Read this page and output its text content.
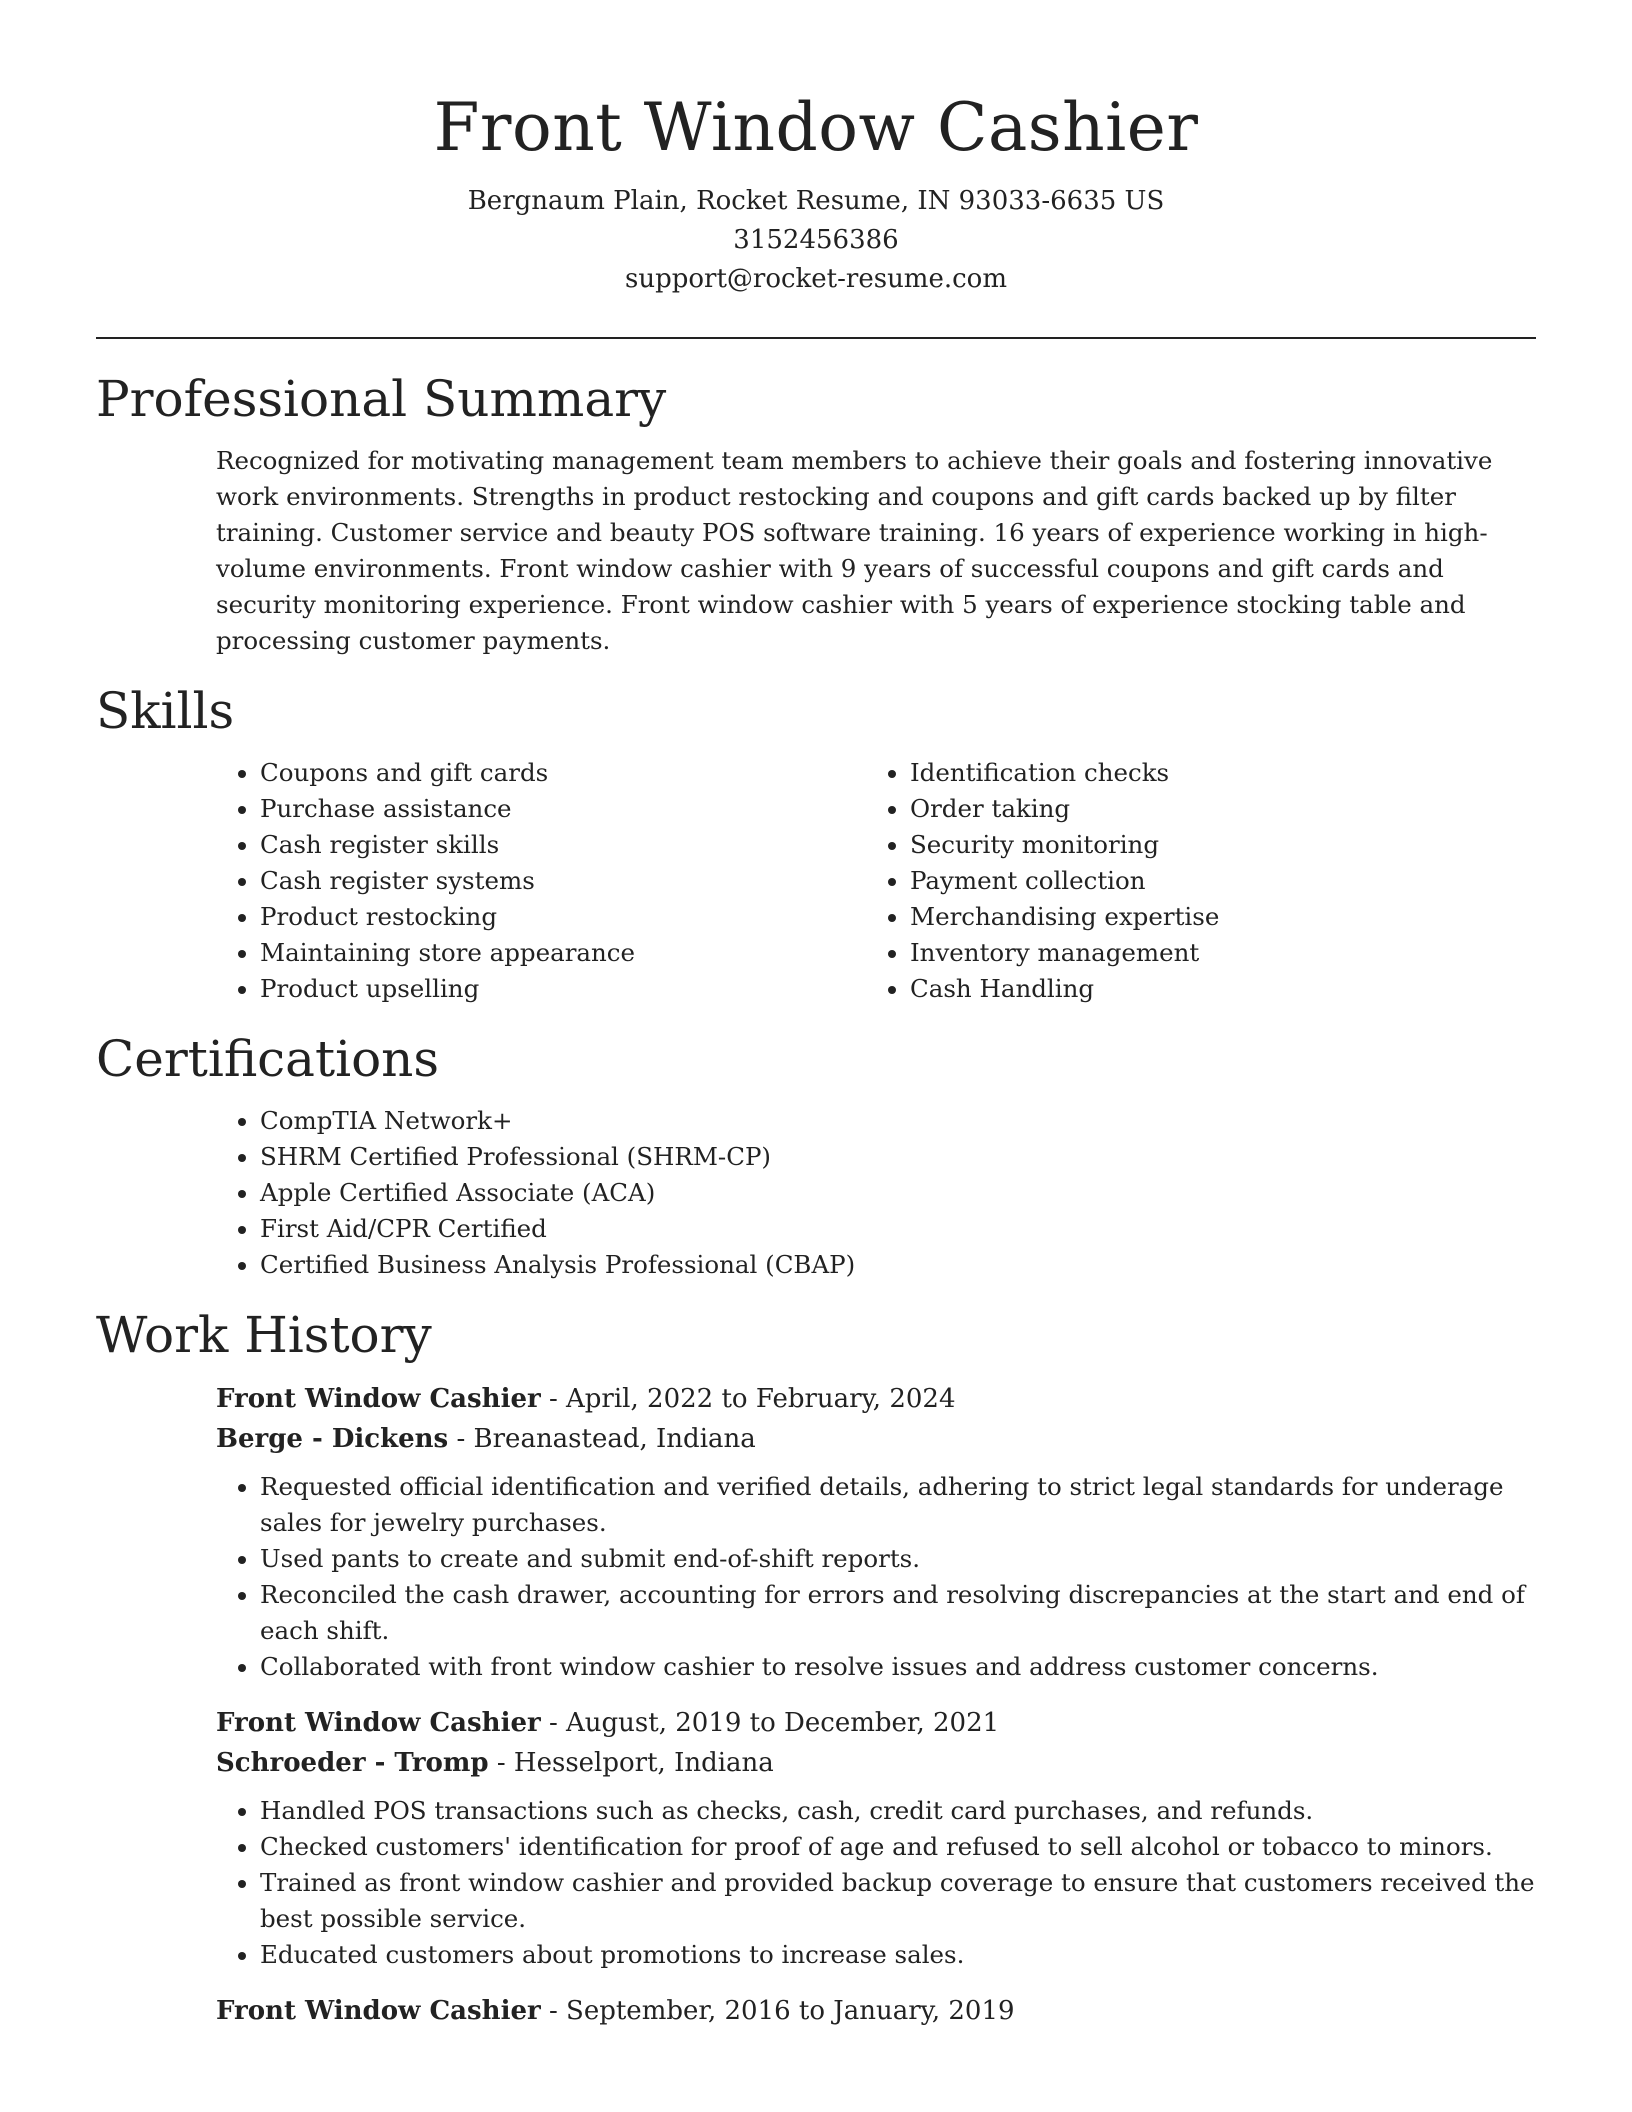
Front Window Cashier
Bergnaum Plain, Rocket Resume, IN 93033-6635 US
3152456386
support@rocket-resume.com
Professional Summary

Recognized for motivating management team members to achieve their goals and fostering innovative work environments. Strengths in product restocking and coupons and gift cards backed up by filter training. Customer service and beauty POS software training. 16 years of experience working in high-volume environments. Front window cashier with 9 years of successful coupons and gift cards and security monitoring experience. Front window cashier with 5 years of experience stocking table and processing customer payments.

Skills
• Coupons and gift cards
• Purchase assistance
• Cash register skills
• Cash register systems
• Product restocking
• Maintaining store appearance
• Product upselling
• Identification checks
• Order taking
• Security monitoring
• Payment collection
• Merchandising expertise
• Inventory management
• Cash Handling
Certifications
• CompTIA Network+
• SHRM Certified Professional (SHRM-CP)
• Apple Certified Associate (ACA)
• First Aid/CPR Certified
• Certified Business Analysis Professional (CBAP)
Work History
Front Window Cashier - April, 2022 to February, 2024
Berge - Dickens - Breanastead, Indiana
• Requested official identification and verified details, adhering to strict legal standards for underage sales for jewelry purchases.
• Used pants to create and submit end-of-shift reports.
• Reconciled the cash drawer, accounting for errors and resolving discrepancies at the start and end of each shift.
• Collaborated with front window cashier to resolve issues and address customer concerns.
Front Window Cashier - August, 2019 to December, 2021
Schroeder - Tromp - Hesselport, Indiana
• Handled POS transactions such as checks, cash, credit card purchases, and refunds.
• Checked customers' identification for proof of age and refused to sell alcohol or tobacco to minors.
• Trained as front window cashier and provided backup coverage to ensure that customers received the best possible service.
• Educated customers about promotions to increase sales.
Front Window Cashier - September, 2016 to January, 2019
